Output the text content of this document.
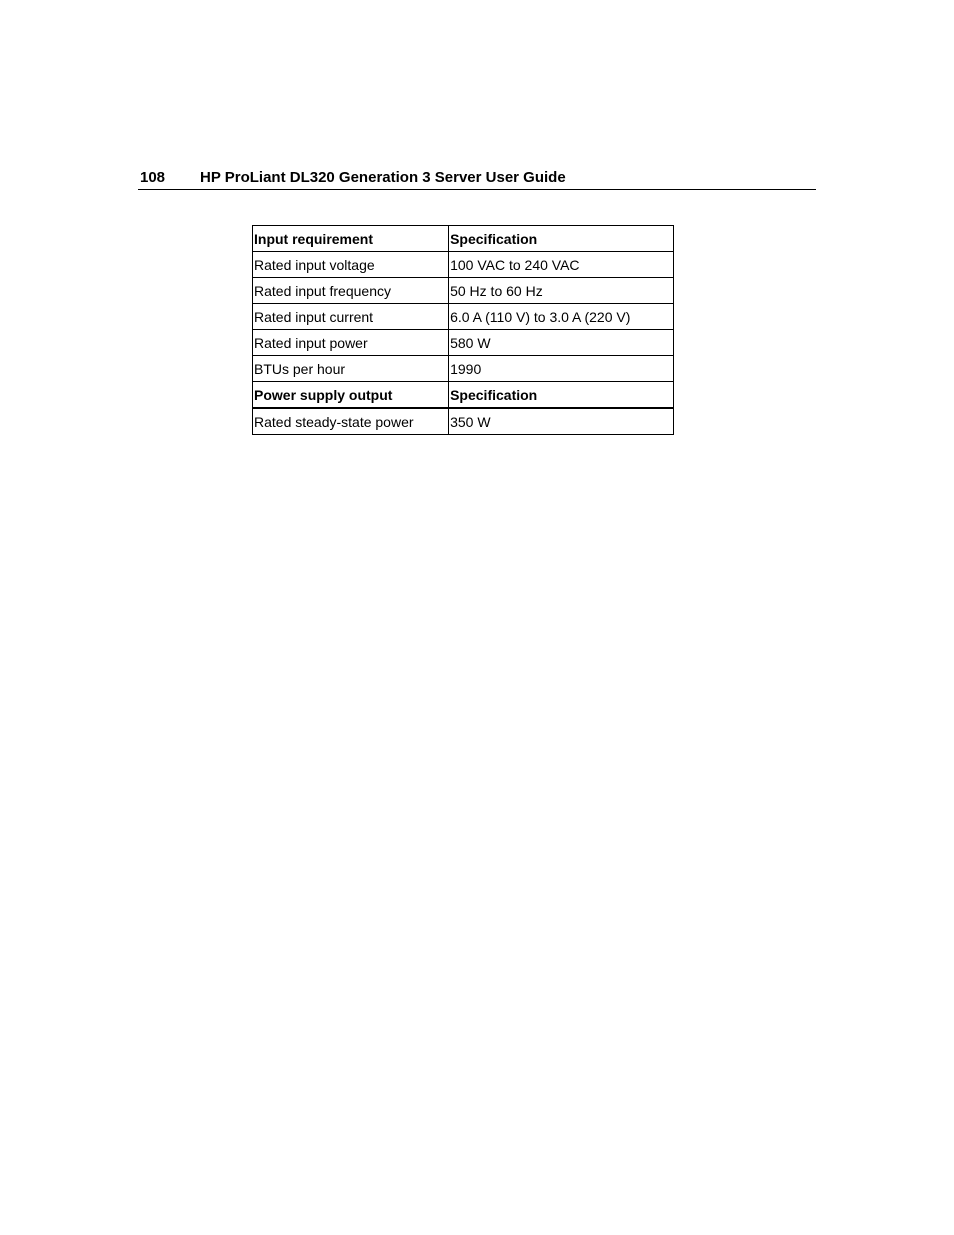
108 HP ProLiant DL320 Generation 3 Server User Guide
Input requirement	Specification
Rated input voltage	100 VAC to 240 VAC
Rated input frequency	50 Hz to 60 Hz
Rated input current	6.0 A (110 V) to 3.0 A (220 V)
Rated input power	580 W
BTUs per hour	1990
Power supply output	Specification
Rated steady-state power	350 W
